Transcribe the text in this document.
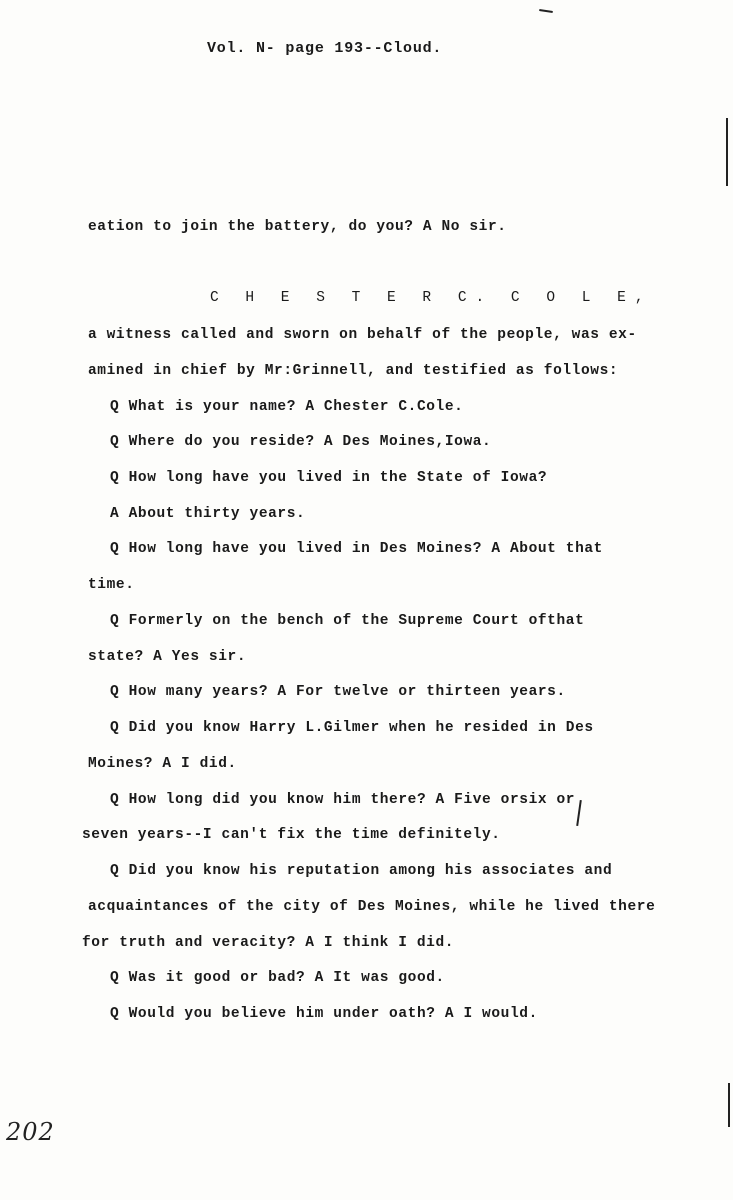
Vol. N- page 193--Cloud.
eation to join the battery, do you? A No sir.
C H E S T E R C. C O L E,
a witness called and sworn on behalf of the people, was ex-
amined in chief by Mr:Grinnell, and testified as follows:
Q What is your name? A Chester C.Cole.
Q Where do you reside? A Des Moines,Iowa.
Q How long have you lived in the State of Iowa?
A About thirty years.
Q How long have you lived in Des Moines? A About that
time.
Q Formerly on the bench of the Supreme Court ofthat
state? A Yes sir.
Q How many years? A For twelve or thirteen years.
Q Did you know Harry L.Gilmer when he resided in Des
Moines? A I did.
Q How long did you know him there? A Five orsix or
seven years--I can't fix the time definitely.
Q Did you know his reputation among his associates and
acquaintances of the city of Des Moines, while he lived there
for truth and veracity? A I think I did.
Q Was it good or bad? A It was good.
Q Would you believe him under oath? A I would.
202
